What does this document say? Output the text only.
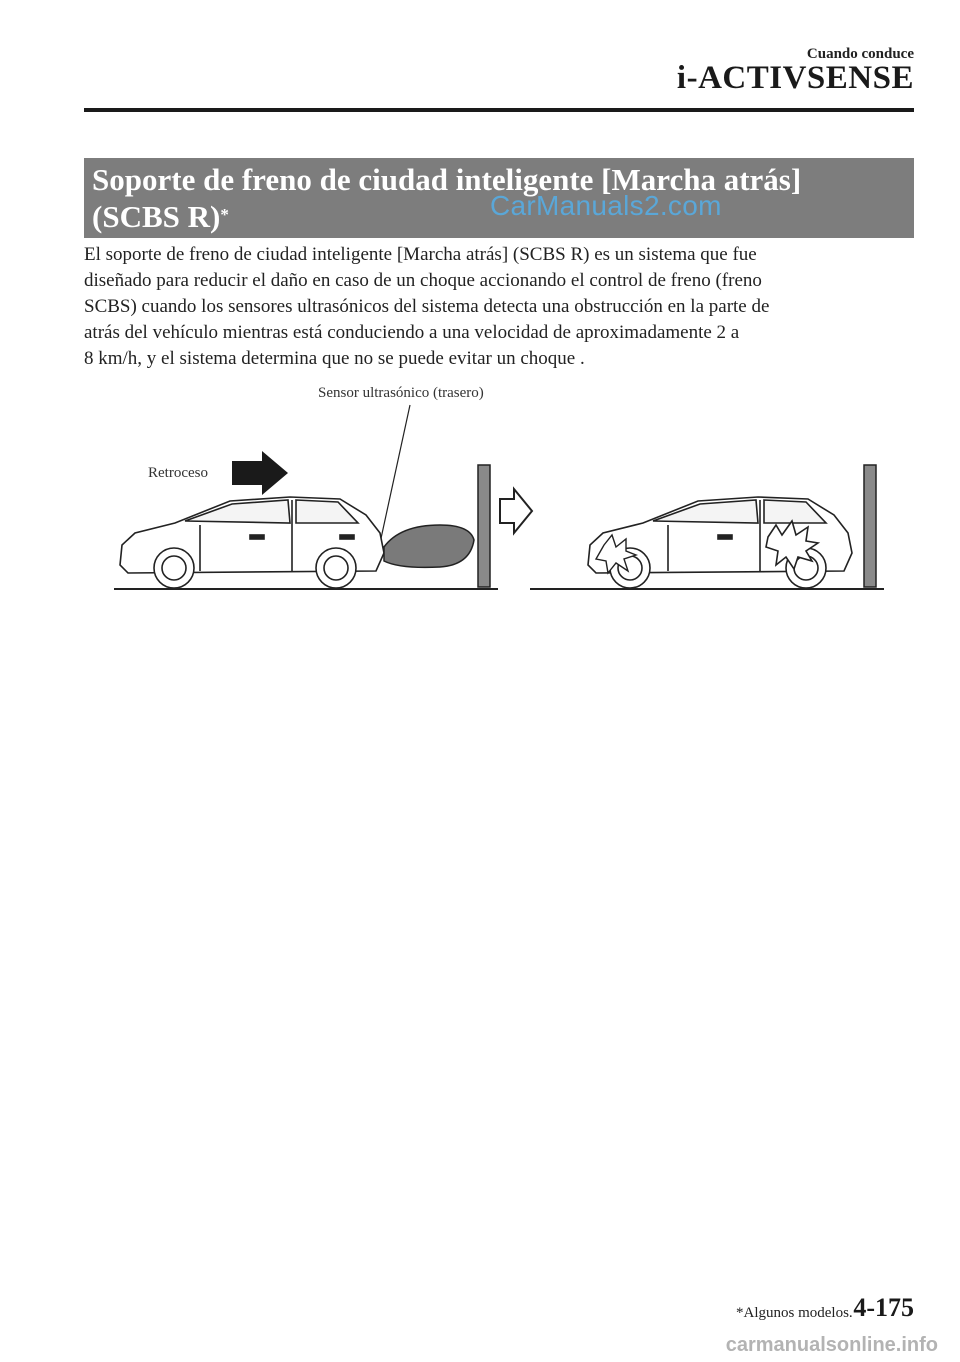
Cuando conduce
i-ACTIVSENSE
Soporte de freno de ciudad inteligente [Marcha atrás]
(SCBS R)*	CarManuals2.com

El soporte de freno de ciudad inteligente [Marcha atrás] (SCBS R) es un sistema que fue

diseñado para reducir el daño en caso de un choque accionando el control de freno (freno

SCBS) cuando los sensores ultrasónicos del sistema detecta una obstrucción en la parte de

atrás del vehículo mientras está conduciendo a una velocidad de aproximadamente 2 a

8 km/h, y el sistema determina que no se puede evitar un choque .

Sensor ultrasónico (trasero)
Retroceso
*Algunos modelos. 4-175
carmanualsonline.info
